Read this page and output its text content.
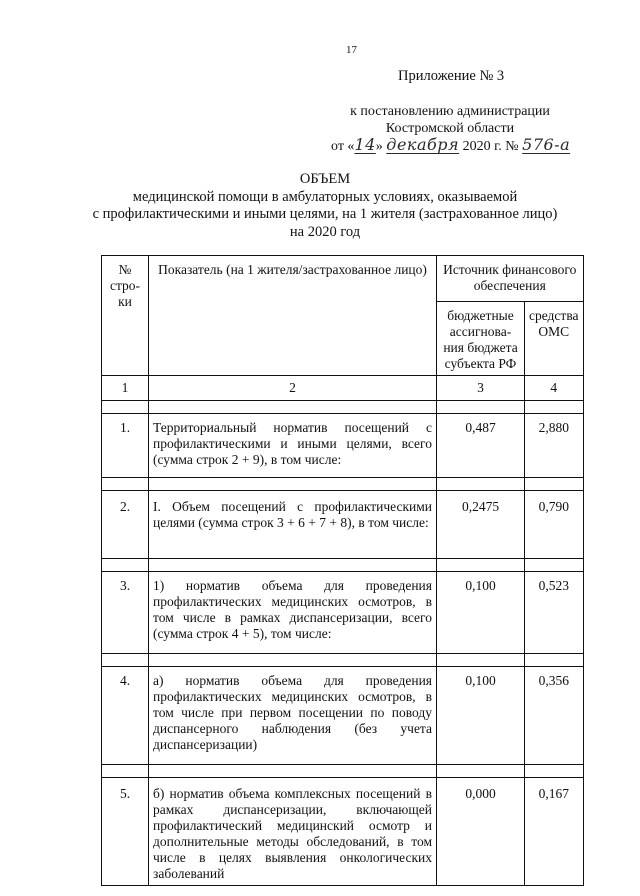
17
Приложение № 3
к постановлению администрации
Костромской области
от «14» декабря 2020 г. № 576-а
ОБЪЕМ
медицинской помощи в амбулаторных условиях, оказываемой
с профилактическими и иными целями, на 1 жителя (застрахованное лицо)
на 2020 год
№ стро- ки	Показатель (на 1 жителя/застрахованное лицо)	Источник финансового обеспечения	
		бюджетные ассигнова- ния бюджета субъекта РФ	средства ОМС
1	2	3	4

1.	Территориальный норматив посещений с профилактическими и иными целями, всего (сумма строк 2 + 9), в том числе:	0,487	2,880

2.	I. Объем посещений с профилактическими целями (сумма строк 3 + 6 + 7 + 8), в том числе:	0,2475	0,790

3.	1) норматив объема для проведения профилактических медицинских осмотров, в том числе в рамках диспансеризации, всего (сумма строк 4 + 5), том числе:	0,100	0,523

4.	а) норматив объема для проведения профилактических медицинских осмотров, в том числе при первом посещении по поводу диспансерного наблюдения (без учета диспансеризации)	0,100	0,356

5.	б) норматив объема комплексных посещений в рамках диспансеризации, включающей профилактический медицинский осмотр и дополнительные методы обследований, в том числе в целях выявления онкологических заболеваний	0,000	0,167
